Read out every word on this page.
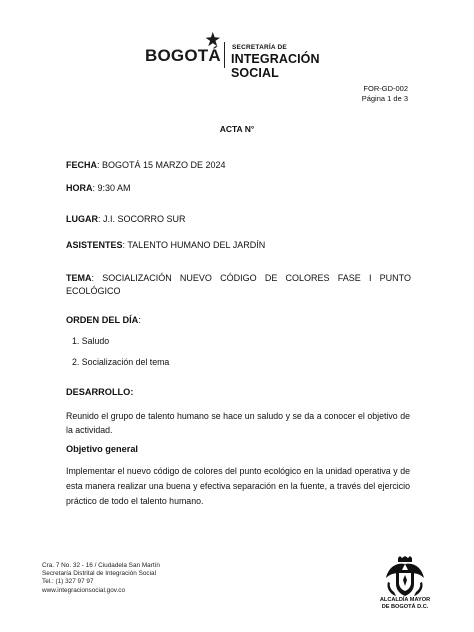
BOGOTÁ SECRETARÍA DE
INTEGRACIÓN SOCIAL
FOR-GD-002
Página 1 de 3
ACTA N°
FECHA: BOGOTÁ 15 MARZO DE 2024
HORA: 9:30 AM
LUGAR: J.I. SOCORRO SUR
ASISTENTES: TALENTO HUMANO DEL JARDÍN
TEMA: SOCIALIZACIÓN NUEVO CÓDIGO DE COLORES FASE I PUNTO ECOLÓGICO
ORDEN DEL DÍA:
1. Saludo
2. Socialización del tema
DESARROLLO:
Reunido el grupo de talento humano se hace un saludo y se da a conocer el objetivo de la actividad.
Objetivo general
Implementar el nuevo código de colores del punto ecológico en la unidad operativa y de esta manera realizar una buena y efectiva separación en la fuente, a través del ejercicio práctico de todo el talento humano.
Cra. 7 No. 32 - 16 / Ciudadela San Martín
Secretaría Distrital de Integración Social
Tel.: (1) 327 97 97
www.integracionsocial.gov.co
ALCALDÍA MAYOR
DE BOGOTÁ D.C.
